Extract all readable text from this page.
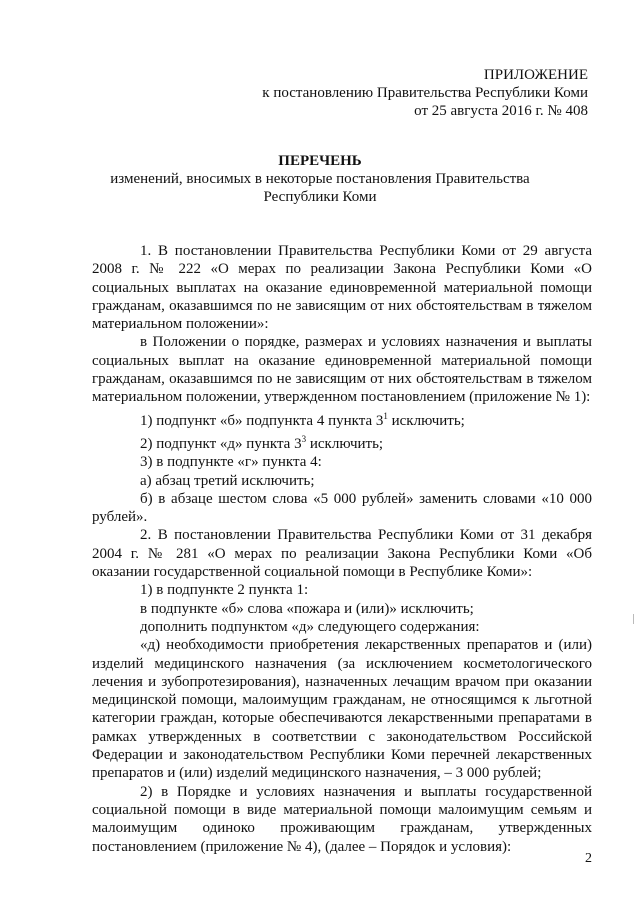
ПРИЛОЖЕНИЕ
к постановлению Правительства Республики Коми
от 25 августа 2016 г. № 408
ПЕРЕЧЕНЬ
изменений, вносимых в некоторые постановления Правительства
Республики Коми

1. В постановлении Правительства Республики Коми от 29 августа 2008 г. № 222 «О мерах по реализации Закона Республики Коми «О социальных выплатах на оказание единовременной материальной помощи гражданам, оказавшимся по не зависящим от них обстоятельствам в тяжелом материальном положении»:

в Положении о порядке, размерах и условиях назначения и выплаты социальных выплат на оказание единовременной материальной помощи гражданам, оказавшимся по не зависящим от них обстоятельствам в тяжелом материальном положении, утвержденном постановлением (приложение № 1):

1) подпункт «б» подпункта 4 пункта $3^1$ исключить;

2) подпункт «д» пункта $3^3$ исключить;

3) в подпункте «г» пункта 4:

а) абзац третий исключить;

б) в абзаце шестом слова «5 000 рублей» заменить словами «10 000 рублей».

2. В постановлении Правительства Республики Коми от 31 декабря 2004 г. № 281 «О мерах по реализации Закона Республики Коми «Об оказании государственной социальной помощи в Республике Коми»:

1) в подпункте 2 пункта 1:

в подпункте «б» слова «пожара и (или)» исключить;

дополнить подпунктом «д» следующего содержания:

«д) необходимости приобретения лекарственных препаратов и (или) изделий медицинского назначения (за исключением косметологического лечения и зубопротезирования), назначенных лечащим врачом при оказании медицинской помощи, малоимущим гражданам, не относящимся к льготной категории граждан, которые обеспечиваются лекарственными препаратами в рамках утвержденных в соответствии с законодательством Российской Федерации и законодательством Республики Коми перечней лекарственных препаратов и (или) изделий медицинского назначения, – 3 000 рублей;

2) в Порядке и условиях назначения и выплаты государственной социальной помощи в виде материальной помощи малоимущим семьям и малоимущим одиноко проживающим гражданам, утвержденных постановлением (приложение № 4), (далее – Порядок и условия):

2
